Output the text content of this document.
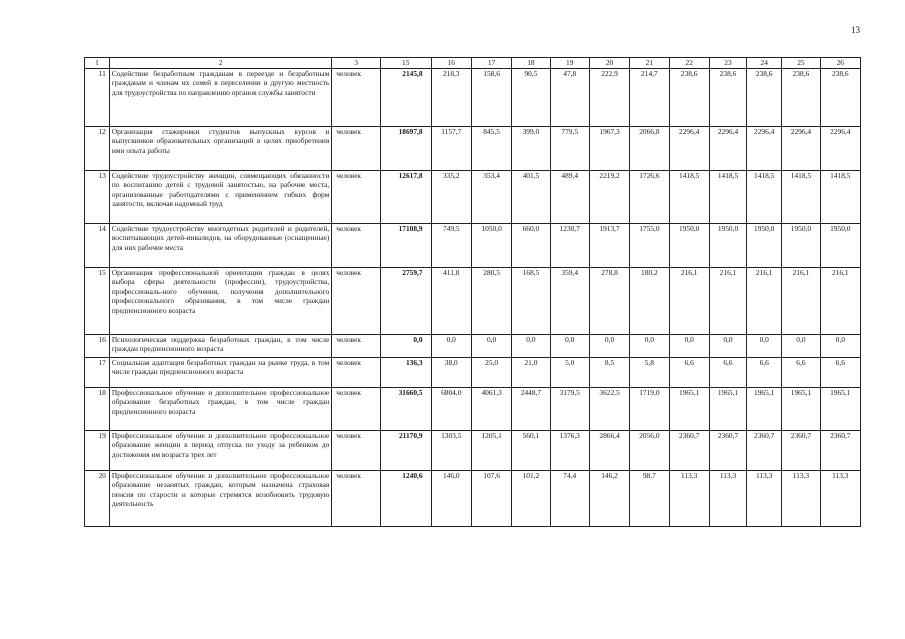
13
1	2	3	15	16	17	18	19	20	21	22	23	24	25	26
11	Содействие безработным гражданам в переезде и безработным гражданам и членам их семей в переселении в другую местность для трудоустройства по направлению органов службы занятости	человек	2145,8	218,3	158,6	90,5	47,8	222,9	214,7	238,6	238,6	238,6	238,6	238,6
12	Организация стажировки студентов выпускных курсов и выпускников образовательных организаций в целях приобретения ими опыта работы	человек	18697,8	1157,7	845,5	399,0	779,5	1967,3	2066,8	2296,4	2296,4	2296,4	2296,4	2296,4
13	Содействие трудоустройству женщин, совмещающих обязанности по воспитанию детей с трудовой занятостью, на рабочие места, организованные работодателями с применением гибких форм занятости, включая надомный труд	человек	12617,8	335,2	353,4	401,5	489,4	2219,2	1726,6	1418,5	1418,5	1418,5	1418,5	1418,5
14	Содействие трудоустройству многодетных родителей и родителей, воспитывающих детей-инвалидов, на оборудованные (оснащенные) для них рабочие места	человек	17108,9	749,5	1050,0	660,0	1230,7	1913,7	1755,0	1950,0	1950,0	1950,0	1950,0	1950,0
15	Организация профессиональной ориентации граждан в целях выбора сферы деятельности (профессии), трудоустройства, профессиональ-ного обучения, получения дополнительного профессионального образования, в том числе граждан предпенсионного возраста	человек	2759,7	411,8	280,5	168,5	359,4	278,8	180,2	216,1	216,1	216,1	216,1	216,1
16	Психологическая поддержка безработных граждан, в том числе граждан предпенсионного возраста	человек	0,0	0,0	0,0	0,0	0,0	0,0	0,0	0,0	0,0	0,0	0,0	0,0
17	Социальная адаптация безработных граждан на рынке труда, в том числе граждан предпенсионного возраста	человек	136,3	38,0	25,0	21,0	5,0	8,5	5,8	6,6	6,6	6,6	6,6	6,6
18	Профессиональное обучение и дополнительное профессиональное образование безработных граждан, в том числе граждан предпенсионного возраста	человек	31660,5	6804,0	4061,3	2448,7	3179,5	3622,5	1719,0	1965,1	1965,1	1965,1	1965,1	1965,1
19	Профессиональное обучение и дополнительное профессиональное образование женщин в период отпуска по уходу за ребенком до достижения им возраста трех лет	человек	21170,9	1303,5	1205,1	560,1	1376,3	2866,4	2056,0	2360,7	2360,7	2360,7	2360,7	2360,7
20	Профессиональное обучение и дополнительное профессиональное образование незанятых граждан, которым назначена страховая пенсия по старости и которые стремятся возобновить трудовую деятельность	человек	1240,6	146,0	107,6	101,2	74,4	146,2	98,7	113,3	113,3	113,3	113,3	113,3
